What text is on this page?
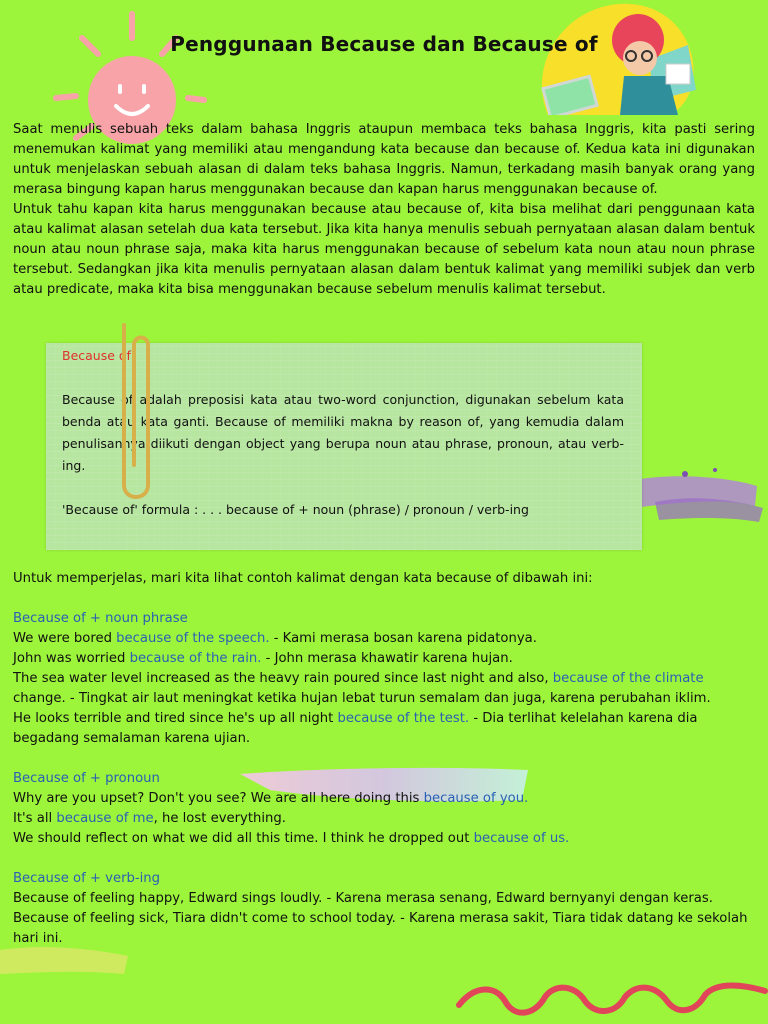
Penggunaan Because dan Because of

Saat menulis sebuah teks dalam bahasa Inggris ataupun membaca teks bahasa Inggris, kita pasti sering menemukan kalimat yang memiliki atau mengandung kata because dan because of. Kedua kata ini digunakan untuk menjelaskan sebuah alasan di dalam teks bahasa Inggris. Namun, terkadang masih banyak orang yang merasa bingung kapan harus menggunakan because dan kapan harus menggunakan because of.

Untuk tahu kapan kita harus menggunakan because atau because of, kita bisa melihat dari penggunaan kata atau kalimat alasan setelah dua kata tersebut. Jika kita hanya menulis sebuah pernyataan alasan dalam bentuk noun atau noun phrase saja, maka kita harus menggunakan because of sebelum kata noun atau noun phrase tersebut. Sedangkan jika kita menulis pernyataan alasan dalam bentuk kalimat yang memiliki subjek dan verb atau predicate, maka kita bisa menggunakan because sebelum menulis kalimat tersebut.

Because of

Because of adalah preposisi kata atau two-word conjunction, digunakan sebelum kata benda atau kata ganti. Because of memiliki makna by reason of, yang kemudia dalam penulisannya diikuti dengan object yang berupa noun atau phrase, pronoun, atau verb-ing.

'Because of' formula : . . . because of + noun (phrase) / pronoun / verb-ing

Untuk memperjelas, mari kita lihat contoh kalimat dengan kata because of dibawah ini:

Because of + noun phrase

We were bored because of the speech. - Kami merasa bosan karena pidatonya.

John was worried because of the rain. - John merasa khawatir karena hujan.

The sea water level increased as the heavy rain poured since last night and also, because of the climate change. - Tingkat air laut meningkat ketika hujan lebat turun semalam dan juga, karena perubahan iklim.

He looks terrible and tired since he's up all night because of the test. - Dia terlihat kelelahan karena dia begadang semalaman karena ujian.

Because of + pronoun

Why are you upset? Don't you see? We are all here doing this because of you.

It's all because of me, he lost everything.

We should reflect on what we did all this time. I think he dropped out because of us.

Because of + verb-ing

Because of feeling happy, Edward sings loudly. - Karena merasa senang, Edward bernyanyi dengan keras.

Because of feeling sick, Tiara didn't come to school today. - Karena merasa sakit, Tiara tidak datang ke sekolah hari ini.
